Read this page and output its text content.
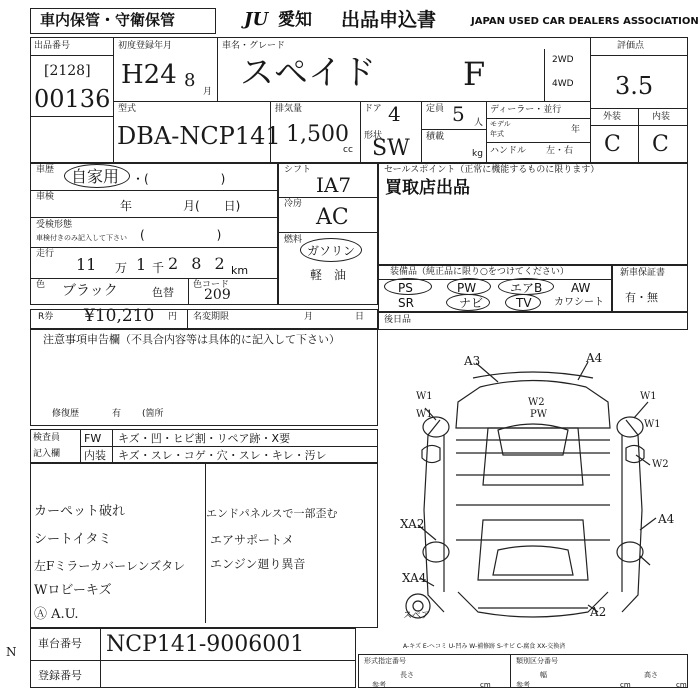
車内保管・守衛保管	JU 愛知 出品申込書	JAPAN USED CAR DEALERS ASSOCIATION
出品番号
[2128]
00136
初度登録年月
H24 8
月
車名・グレード
スペイド	F	2WD
4WD
評価点
3.5
外装	内装
C C
型式
DBA-NCP141
排気量
1,500
cc
ドア 4
形状
SW
定員 5 人
積載
kg
ディーラー・並行
モデル
年式	年
ハンドル 左・右
車歴 自家用 ・(　　　　　　)
車検
年	月(　　日)
受検形態
車検付きのみ記入して下さい (　　　　　　)
走行
11 万 1 千 2 8 2 km
色 ブラック	色替
色コード
209
シフト
IA7
冷房
AC
燃料
ガソリン
軽　油
セールスポイント（正常に機能するものに限ります）
買取店出品
装備品（純正品に限り○をつけてください）
PS	PW	エアB AW
SR	ナビ	TV カワシート
新車保証書
有・無
R券 ¥10,210 円 名変期限	月	日 後日品
注意事項申告欄（不具合内容等は具体的に記入して下さい）
修復歴	有 (箇所
検査員
記入欄
FW キズ・凹・ヒビ割・リペア跡・X要
内装 キズ・スレ・コゲ・穴・スレ・キレ・汚レ
カーペット破れ
シートイタミ
左Fミラーカバーレンズタレ
Wロビーキズ
Ⓐ A.U.
エンドパネルスで一部歪む
エアサポートメ
エンジン廻り異音
A3	A4
W1
W2
W1
W2
PW
W1
W1
A4
XA2
XA4
A2
スペア
A-キズ E-ヘコミ U-凹み W-補修跡 S-サビ C-腐食 XX-交換済
車台番号 NCP141-9006001
登録番号
N
形式指定番号	類別区分番号
長さ	幅	高さ
参考	参考
cm	cm	cm
